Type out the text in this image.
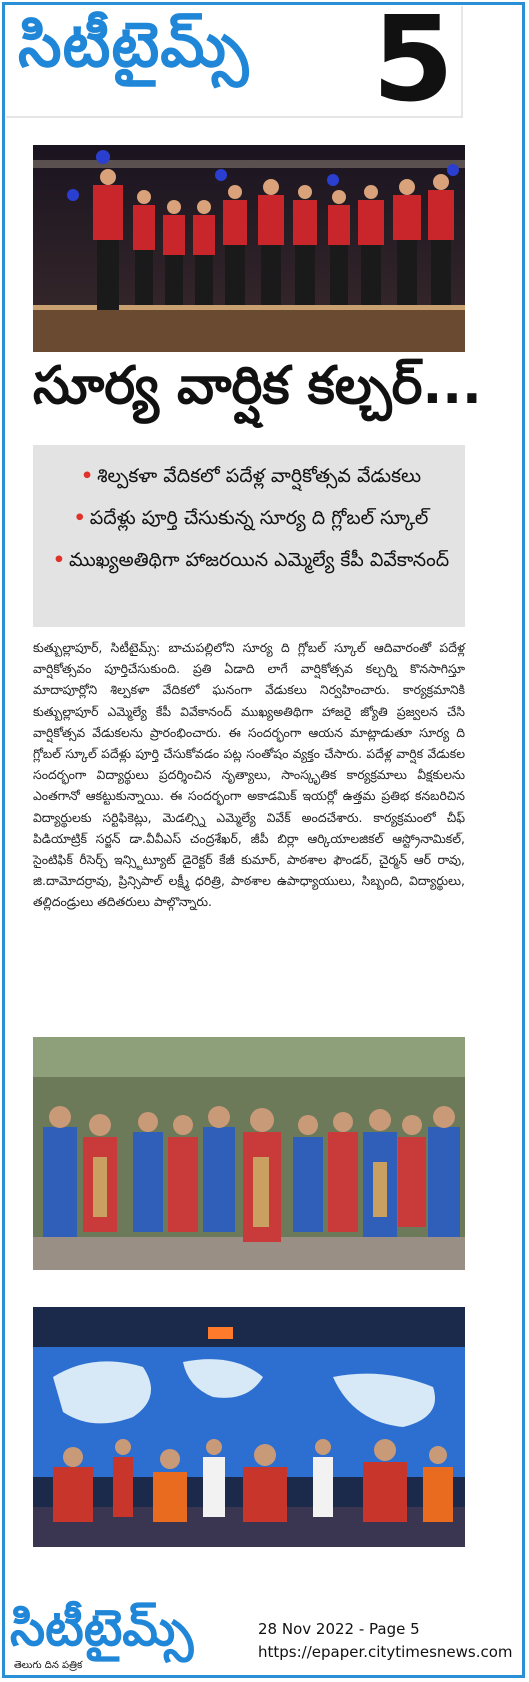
సిటీటైమ్స్ 5
సూర్య వార్షిక కల్చర్...
• శిల్పకళా వేదికలో పదేళ్ల వార్షికోత్సవ వేడుకలు • పదేళ్లు పూర్తి చేసుకున్న సూర్య ది గ్లోబల్ స్కూల్ • ముఖ్యఅతిథిగా హాజరయిన ఎమ్మెల్యే కేపీ వివేకానంద్
కుత్బుల్లాపూర్, సిటీటైమ్స్: బాచుపల్లిలోని సూర్య ది గ్లోబల్ స్కూల్ ఆదివారంతో పదేళ్ల వార్షికోత్సవం పూర్తిచేసుకుంది. ప్రతి ఏడాది లాగే వార్షికోత్సవ కల్చర్ని కొనసాగిస్తూ మాదాపూర్లోని శిల్పకళా వేదికలో ఘనంగా వేడుకలు నిర్వహించారు. కార్యక్రమానికి కుత్బుల్లాపూర్ ఎమ్మెల్యే కేపీ వివేకానంద్ ముఖ్యఅతిథిగా హాజరై జ్యోతి ప్రజ్వలన చేసి వార్షికోత్సవ వేడుకలను ప్రారంభించారు. ఈ సందర్భంగా ఆయన మాట్లాడుతూ సూర్య ది గ్లోబల్ స్కూల్ పదేళ్లు పూర్తి చేసుకోవడం పట్ల సంతోషం వ్యక్తం చేసారు. పదేళ్ల వార్షిక వేడుకల సందర్భంగా విద్యార్థులు ప్రదర్శించిన నృత్యాలు, సాంస్కృతిక కార్యక్రమాలు వీక్షకులను ఎంతగానో ఆకట్టుకున్నాయి. ఈ సందర్భంగా అకాడమిక్ ఇయర్లో ఉత్తమ ప్రతిభ కనబరిచిన విద్యార్థులకు సర్టిఫికెట్లు, మెడల్స్ని ఎమ్మెల్యే వివేక్ అందచేశారు. కార్యక్రమంలో చీఫ్ పిడియాట్రిక్ సర్జన్ డా.వీవీఎస్ చంద్రశేఖర్, జీపీ బిర్లా ఆర్కియాలజికల్ ఆస్ట్రోనామికల్, సైంటిఫిక్ రీసెర్చ్ ఇన్స్టిట్యూట్ డైరెక్టర్ కేజీ కుమార్, పాఠశాల ఫౌండర్, చైర్మన్ ఆర్ రావు, జి.దామోదర్రావు, ప్రిన్సిపాల్ లక్ష్మీ ధరిత్రి, పాఠశాల ఉపాధ్యాయులు, సిబ్బంది, విద్యార్థులు, తల్లిదండ్రులు తదితరులు పాల్గొన్నారు.
సిటీటైమ్స్
తెలుగు దిన పత్రిక
28 Nov 2022 - Page 5
https://epaper.citytimesnews.com
